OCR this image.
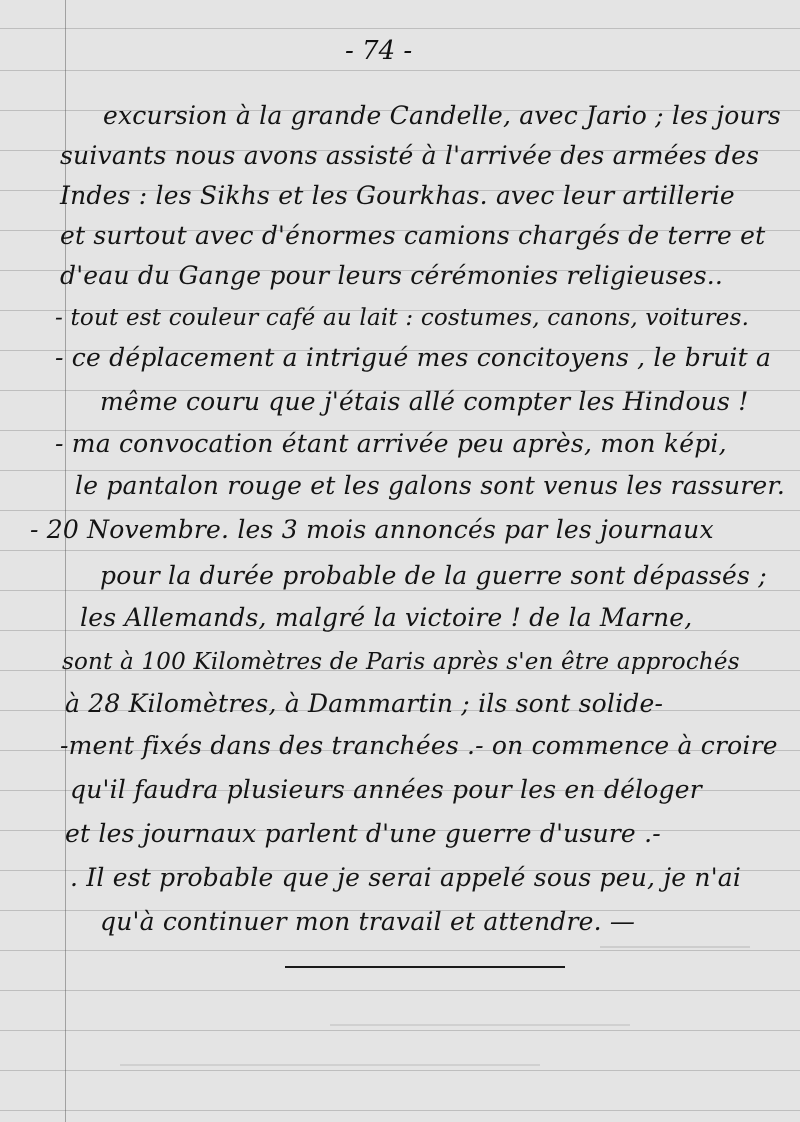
- 74 -
excursion à la grande Candelle, avec Jario ; les jours
suivants nous avons assisté à l'arrivée des armées des
Indes : les Sikhs et les Gourkhas. avec leur artillerie
et surtout avec d'énormes camions chargés de terre et
d'eau du Gange pour leurs cérémonies religieuses..
- tout est couleur café au lait : costumes, canons, voitures.
- ce déplacement a intrigué mes concitoyens , le bruit a
même couru que j'étais allé compter les Hindous !
- ma convocation étant arrivée peu après, mon képi,
le pantalon rouge et les galons sont venus les rassurer.
- 20 Novembre. les 3 mois annoncés par les journaux
pour la durée probable de la guerre sont dépassés ;
les Allemands, malgré la victoire ! de la Marne,
sont à 100 Kilomètres de Paris après s'en être approchés
à 28 Kilomètres, à Dammartin ; ils sont solide-
-ment fixés dans des tranchées .- on commence à croire
qu'il faudra plusieurs années pour les en déloger
et les journaux parlent d'une guerre d'usure .-
. Il est probable que je serai appelé sous peu, je n'ai
qu'à continuer mon travail et attendre. —
